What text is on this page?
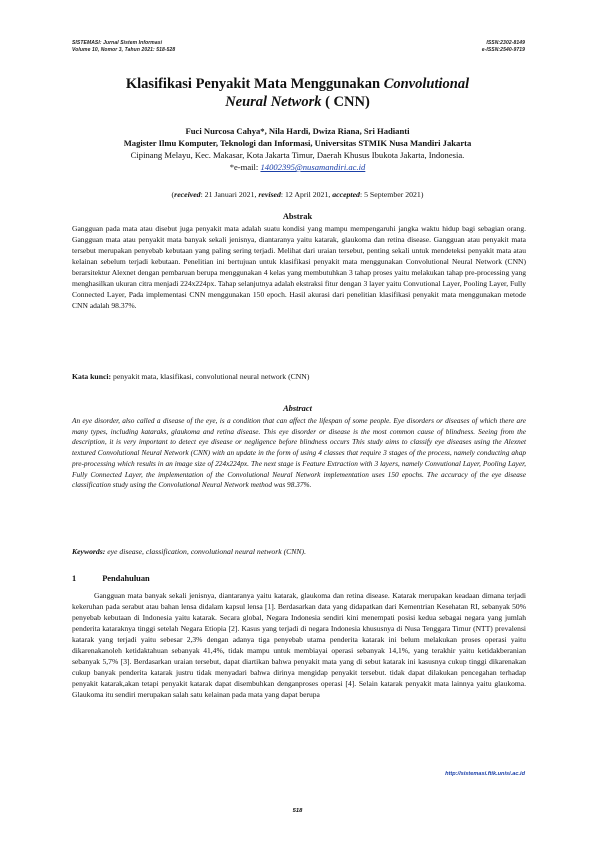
SISTEMASI: Jurnal Sistem Informasi
Volume 10, Nomor 3, Tahun 2021: 518-528
ISSN:2302-8149
e-ISSN:2540-9719
Klasifikasi Penyakit Mata Menggunakan Convolutional
Neural Network ( CNN)
Fuci Nurcosa Cahya*, Nila Hardi, Dwiza Riana, Sri Hadianti
Magister Ilmu Komputer, Teknologi dan Informasi, Universitas STMIK Nusa Mandiri Jakarta
Cipinang Melayu, Kec. Makasar, Kota Jakarta Timur, Daerah Khusus Ibukota Jakarta, Indonesia.
*e-mail: 14002395@nusamandiri.ac.id
(received: 21 Januari 2021, revised: 12 April 2021, accepted: 5 September 2021)
Abstrak
Gangguan pada mata atau disebut juga penyakit mata adalah suatu kondisi yang mampu mempengaruhi jangka waktu hidup bagi sebagian orang. Gangguan mata atau penyakit mata banyak sekali jenisnya, diantaranya yaitu katarak, glaukoma dan retina disease. Gangguan atau penyakit mata tersebut merupakan penyebab kebutaan yang paling sering terjadi. Melihat dari uraian tersebut, penting sekali untuk mendeteksi penyakit mata atau kelainan sebelum terjadi kebutaan. Penelitian ini bertujuan untuk klasifikasi penyakit mata menggunakan Convolutional Neural Network (CNN) berarsitektur Alexnet dengan pembaruan berupa menggunakan 4 kelas yang membutuhkan 3 tahap proses yaitu melakukan tahap pre-processing yang menghasilkan ukuran citra menjadi 224x224px. Tahap selanjutnya adalah ekstraksi fitur dengan 3 layer yaitu Convutional Layer, Pooling Layer, Fully Connected Layer, Pada implementasi CNN menggunakan 150 epoch. Hasil akurasi dari penelitian klasifikasi penyakit mata menggunakan metode CNN adalah 98.37%.
Kata kunci: penyakit mata, klasifikasi, convolutional neural network (CNN)
Abstract
An eye disorder, also called a disease of the eye, is a condition that can affect the lifespan of some people. Eye disorders or diseases of which there are many types, including kataraks, glaukoma and retina disease. This eye disorder or disease is the most common cause of blindness. Seeing from the description, it is very important to detect eye disease or negligence before blindness occurs This study aims to classify eye diseases using the Alexnet textured Convolutional Neural Network (CNN) with an update in the form of using 4 classes that require 3 stages of the process, namely conducting ahap pre-processing which results in an image size of 224x224px. The next stage is Feature Extraction with 3 layers, namely Convutional Layer, Pooling Layer, Fully Connected Layer, the implementation of the Convolutional Neural Network implementation uses 150 epochs. The accuracy of the eye disease classification study using the Convolutional Neural Network method was 98.37%.
Keywords: eye disease, classification, convolutional neural network (CNN).
1	Pendahuluan
Gangguan mata banyak sekali jenisnya, diantaranya yaitu katarak, glaukoma dan retina disease. Katarak merupakan keadaan dimana terjadi kekeruhan pada serabut atau bahan lensa didalam kapsul lensa [1]. Berdasarkan data yang didapatkan dari Kementrian Kesehatan RI, sebanyak 50% penyebab kebutaan di Indonesia yaitu katarak. Secara global, Negara Indonesia sendiri kini menempati posisi kedua sebagai negara yang jumlah penderita kataraknya tinggi setelah Negara Etiopia [2]. Kasus yang terjadi di negara Indonesia khususnya di Nusa Tenggara Timur (NTT) prevalensi katarak yang terjadi yaitu sebesar 2,3% dengan adanya tiga penyebab utama penderita katarak ini belum melakukan proses operasi yaitu dikarenakanoleh ketidaktahuan sebanyak 41,4%, tidak mampu untuk membiayai operasi sebanyak 14,1%, yang terakhir yaitu ketidakberanian sebanyak 5,7% [3]. Berdasarkan uraian tersebut, dapat diartikan bahwa penyakit mata yang di sebut katarak ini kasusnya cukup tinggi dikarenakan cukup banyak penderita katarak justru tidak menyadari bahwa dirinya mengidap penyakit tersebut. tidak dapat dilakukan pencegahan terhadap penyakit katarak,akan tetapi penyakit katarak dapat disembuhkan denganproses operasi [4]. Selain katarak penyakit mata lainnya yaitu glaukoma. Glaukoma itu sendiri merupakan salah satu kelainan pada mata yang dapat berupa
http://sistemasi.ftik.unisi.ac.id
518
